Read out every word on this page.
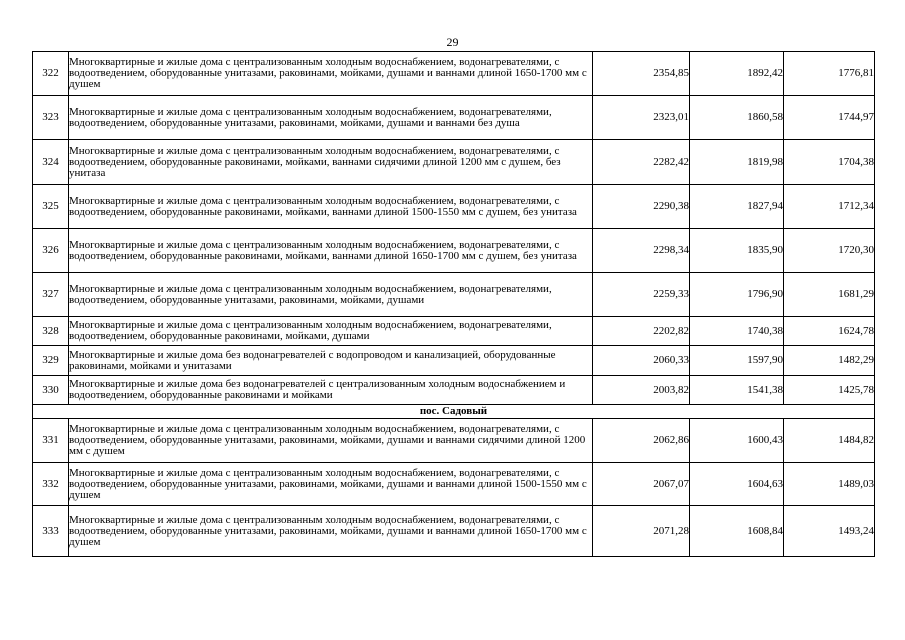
29
322	Многоквартирные и жилые дома с централизованным холодным водоснабжением, водонагревателями, с водоотведением, оборудованные унитазами, раковинами, мойками, душами и ваннами длиной 1650-1700 мм с душем	2354,85	1892,42	1776,81
323	Многоквартирные и жилые дома с централизованным холодным водоснабжением, водонагревателями, водоотведением, оборудованные унитазами, раковинами, мойками, душами и ваннами без душа	2323,01	1860,58	1744,97
324	Многоквартирные и жилые дома с централизованным холодным водоснабжением, водонагревателями, с водоотведением, оборудованные раковинами, мойками, ваннами сидячими длиной 1200 мм с душем, без унитаза	2282,42	1819,98	1704,38
325	Многоквартирные и жилые дома с централизованным холодным водоснабжением, водонагревателями, с водоотведением, оборудованные раковинами, мойками, ваннами длиной 1500-1550 мм с душем, без унитаза	2290,38	1827,94	1712,34
326	Многоквартирные и жилые дома с централизованным холодным водоснабжением, водонагревателями, с водоотведением, оборудованные раковинами, мойками, ваннами длиной 1650-1700 мм с душем, без унитаза	2298,34	1835,90	1720,30
327	Многоквартирные и жилые дома с централизованным холодным водоснабжением, водонагревателями, водоотведением, оборудованные унитазами, раковинами, мойками, душами	2259,33	1796,90	1681,29
328	Многоквартирные и жилые дома с централизованным холодным водоснабжением, водонагревателями, водоотведением, оборудованные раковинами, мойками, душами	2202,82	1740,38	1624,78
329	Многоквартирные и жилые дома без водонагревателей с водопроводом и канализацией, оборудованные раковинами, мойками и унитазами	2060,33	1597,90	1482,29
330	Многоквартирные и жилые дома без водонагревателей с централизованным холодным водоснабжением и водоотведением, оборудованные раковинами и мойками	2003,82	1541,38	1425,78
пос. Садовый				
331	Многоквартирные и жилые дома с централизованным холодным водоснабжением, водонагревателями, с водоотведением, оборудованные унитазами, раковинами, мойками, душами и ваннами сидячими длиной 1200 мм с душем	2062,86	1600,43	1484,82
332	Многоквартирные и жилые дома с централизованным холодным водоснабжением, водонагревателями, с водоотведением, оборудованные унитазами, раковинами, мойками, душами и ваннами длиной 1500-1550 мм с душем	2067,07	1604,63	1489,03
333	Многоквартирные и жилые дома с централизованным холодным водоснабжением, водонагревателями, с водоотведением, оборудованные унитазами, раковинами, мойками, душами и ваннами длиной 1650-1700 мм с душем	2071,28	1608,84	1493,24
